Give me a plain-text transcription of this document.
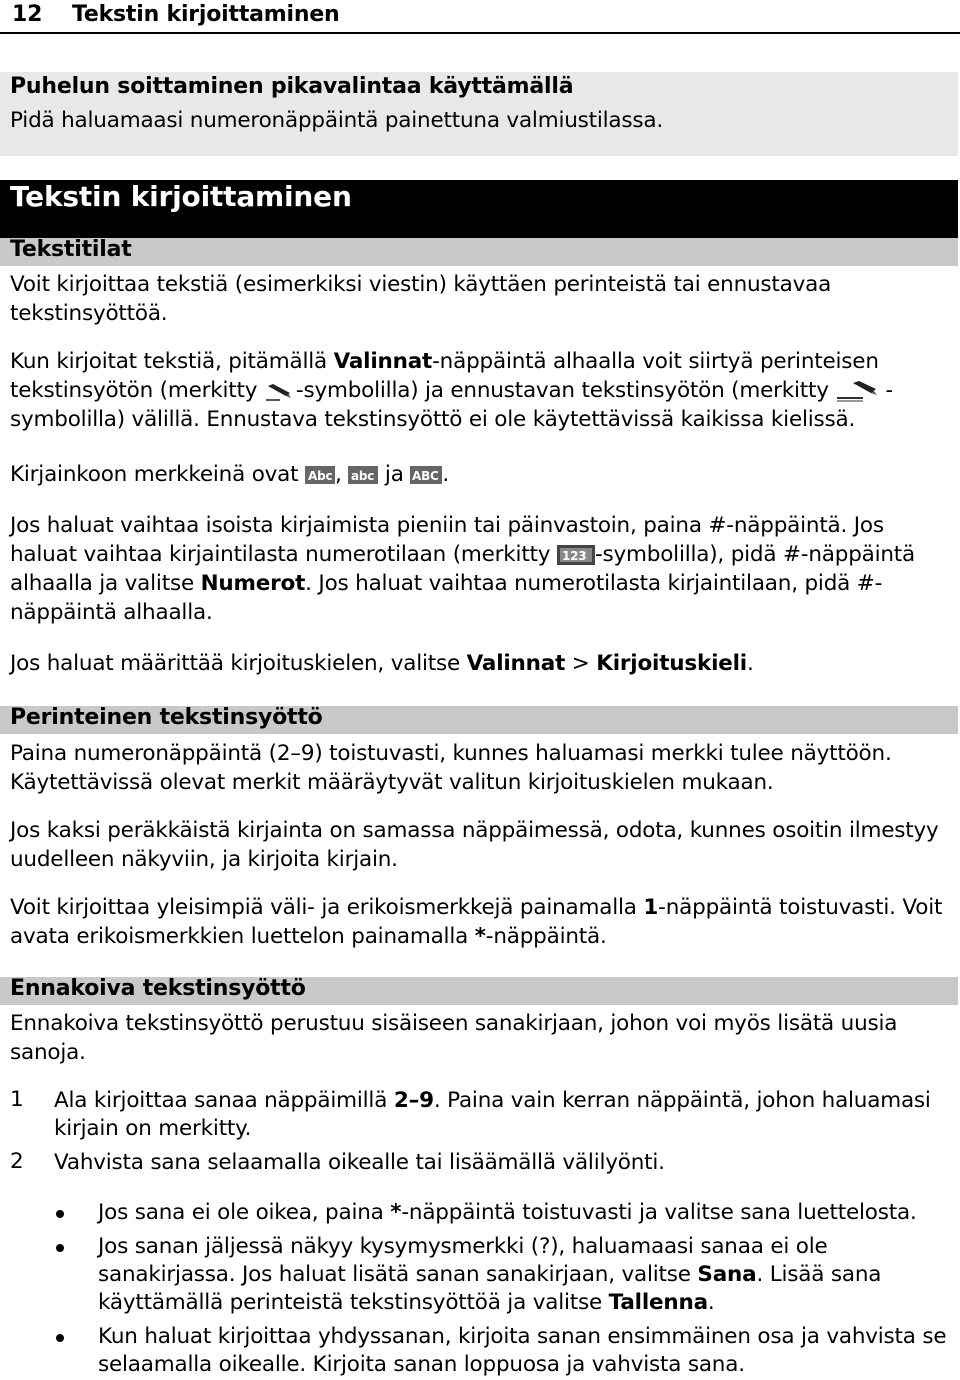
12 Tekstin kirjoittaminen
Puhelun soittaminen pikavalintaa käyttämällä
Pidä haluamaasi numeronäppäintä painettuna valmiustilassa.
Tekstin kirjoittaminen
Tekstitilat
Voit kirjoittaa tekstiä (esimerkiksi viestin) käyttäen perinteistä tai ennustavaa tekstinsyöttöä.
Kun kirjoitat tekstiä, pitämällä Valinnat-näppäintä alhaalla voit siirtyä perinteisen tekstinsyötön (merkitty -symbolilla) ja ennustavan tekstinsyötön (merkitty -symbolilla) välillä. Ennustava tekstinsyöttö ei ole käytettävissä kaikissa kielissä.
Kirjainkoon merkkeinä ovat Abc , abc ja ABC .
Jos haluat vaihtaa isoista kirjaimista pieniin tai päinvastoin, paina #-näppäintä. Jos haluat vaihtaa kirjaintilasta numerotilaan (merkitty 123 -symbolilla), pidä #-näppäintä alhaalla ja valitse Numerot. Jos haluat vaihtaa numerotilasta kirjaintilaan, pidä #-näppäintä alhaalla.
Jos haluat määrittää kirjoituskielen, valitse Valinnat > Kirjoituskieli.
Perinteinen tekstinsyöttö
Paina numeronäppäintä (2–9) toistuvasti, kunnes haluamasi merkki tulee näyttöön. Käytettävissä olevat merkit määräytyvät valitun kirjoituskielen mukaan.
Jos kaksi peräkkäistä kirjainta on samassa näppäimessä, odota, kunnes osoitin ilmestyy uudelleen näkyviin, ja kirjoita kirjain.
Voit kirjoittaa yleisimpiä väli- ja erikoismerkkejä painamalla 1-näppäintä toistuvasti. Voit avata erikoismerkkien luettelon painamalla *-näppäintä.
Ennakoiva tekstinsyöttö
Ennakoiva tekstinsyöttö perustuu sisäiseen sanakirjaan, johon voi myös lisätä uusia sanoja.
1 Ala kirjoittaa sanaa näppäimillä 2–9. Paina vain kerran näppäintä, johon haluamasi kirjain on merkitty.
2 Vahvista sana selaamalla oikealle tai lisäämällä välilyönti.
Jos sana ei ole oikea, paina *-näppäintä toistuvasti ja valitse sana luettelosta.
Jos sanan jäljessä näkyy kysymysmerkki (?), haluamaasi sanaa ei ole sanakirjassa. Jos haluat lisätä sanan sanakirjaan, valitse Sana. Lisää sana käyttämällä perinteistä tekstinsyöttöä ja valitse Tallenna.
Kun haluat kirjoittaa yhdyssanan, kirjoita sanan ensimmäinen osa ja vahvista se selaamalla oikealle. Kirjoita sanan loppuosa ja vahvista sana.
